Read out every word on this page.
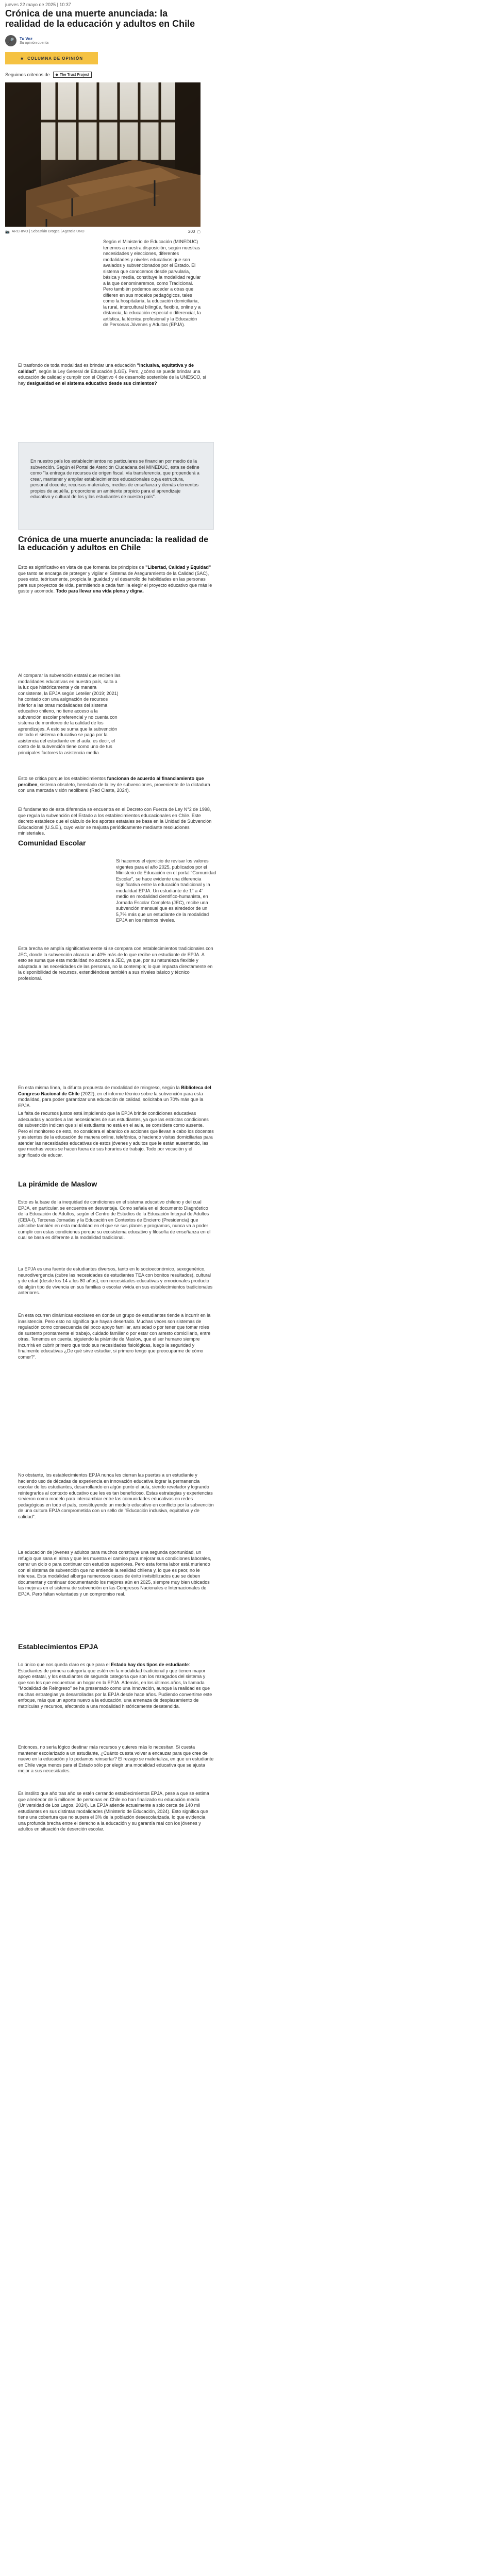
jueves 22 mayo de 2025 | 10:37
Crónica de una muerte anunciada: la realidad de la educación y adultos en Chile
🎤	Tu Voz
Su opinión cuenta
★ COLUMNA DE OPINIÓN
Seguimos criterios de ◆ The Trust Project
📷 ARCHIVO | Sebastián Brogca | Agencia UNO	200 ▢
Según el Ministerio de Educación (MINEDUC) tenemos a nuestra disposición, según nuestras necesidades y elecciones, diferentes modalidades y niveles educativos que son avalados y subvencionados por el Estado. El sistema que conocemos desde parvularia, básica y media, constituye la modalidad regular a la que denominaremos, como Tradicional. Pero también podemos acceder a otras que difieren en sus modelos pedagógicos, tales como la hospitalaria, la educación domiciliaria, la rural, intercultural bilingüe, flexible, online y a distancia, la educación especial o diferencial, la artística, la técnica profesional y la Educación de Personas Jóvenes y Adultas (EPJA).
El trasfondo de toda modalidad es brindar una educación "inclusiva, equitativa y de calidad", según la Ley General de Educación (LGE). Pero, ¿cómo se puede brindar una educación de calidad y cumplir con el Objetivo 4 de desarrollo sostenible de la UNESCO, si hay desigualdad en el sistema educativo desde sus cimientos?
En nuestro país los establecimientos no particulares se financian por medio de la subvención. Según el Portal de Atención Ciudadana del MINEDUC, esta se define como "la entrega de recursos de origen fiscal, vía transferencia, que propenderá a crear, mantener y ampliar establecimientos educacionales cuya estructura, personal docente, recursos materiales, medios de enseñanza y demás elementos propios de aquélla, proporcione un ambiente propicio para el aprendizaje educativo y cultural de los y las estudiantes de nuestro país".
Crónica de una muerte anunciada: la realidad de la educación y adultos en Chile
Esto es significativo en vista de que fomenta los principios de "Libertad, Calidad y Equidad" que tanto se encarga de proteger y vigilar el Sistema de Aseguramiento de la Calidad (SAC), pues esto, teóricamente, propicia la igualdad y el desarrollo de habilidades en las personas para sus proyectos de vida, permitiendo a cada familia elegir el proyecto educativo que más le guste y acomode. Todo para llevar una vida plena y digna.
Al comparar la subvención estatal que reciben las modalidades educativas en nuestro país, salta a la luz que históricamente y de manera consistente, la EPJA según Letelier (2019; 2021) ha contado con una asignación de recursos inferior a las otras modalidades del sistema educativo chileno, no tiene acceso a la subvención escolar preferencial y no cuenta con sistema de monitoreo de la calidad de los aprendizajes. A esto se suma que la subvención de todo el sistema educativo se paga por la asistencia del estudiante en el aula, es decir, el costo de la subvención tiene como uno de tus principales factores la asistencia media.
Esto se critica porque los establecimientos funcionan de acuerdo al financiamiento que perciben, sistema obsoleto, heredado de la ley de subvenciones, proveniente de la dictadura con una marcada visión neoliberal (Red Claste, 2024).
El fundamento de esta diferencia se encuentra en el Decreto con Fuerza de Ley N°2 de 1998, que regula la subvención del Estado a los establecimientos educacionales en Chile. Este decreto establece que el cálculo de los aportes estatales se basa en la Unidad de Subvención Educacional (U.S.E.), cuyo valor se reajusta periódicamente mediante resoluciones ministeriales.
Comunidad Escolar
Si hacemos el ejercicio de revisar los valores vigentes para el año 2025, publicados por el Ministerio de Educación en el portal "Comunidad Escolar", se hace evidente una diferencia significativa entre la educación tradicional y la modalidad EPJA. Un estudiante de 1° a 4° medio en modalidad científico-humanista, en Jornada Escolar Completa (JEC), recibe una subvención mensual que es alrededor de un 5,7% más que un estudiante de la modalidad EPJA en los mismos niveles.
Esta brecha se amplía significativamente si se compara con establecimientos tradicionales con JEC, donde la subvención alcanza un 40% más de lo que recibe un estudiante de EPJA. A esto se suma que esta modalidad no accede a JEC, ya que, por su naturaleza flexible y adaptada a las necesidades de las personas, no la contempla; lo que impacta directamente en la disponibilidad de recursos, extendiéndose también a sus niveles básico y técnico profesional.
En esta misma línea, la difunta propuesta de modalidad de reingreso, según la Biblioteca del Congreso Nacional de Chile (2022), en el informe técnico sobre la subvención para esta modalidad, para poder garantizar una educación de calidad, solicitaba un 70% más que la EPJA.
La falta de recursos justos está impidiendo que la EPJA brinde condiciones educativas adecuadas y acordes a las necesidades de sus estudiantes, ya que las estrictas condiciones de subvención indican que si el estudiante no está en el aula, se considera como ausente. Pero el monitoreo de esto, no considera el abanico de acciones que llevan a cabo los docentes y asistentes de la educación de manera online, telefónica, o haciendo visitas domiciliarias para atender las necesidades educativas de estos jóvenes y adultos que le están ausentando, las que muchas veces se hacen fuera de sus horarios de trabajo. Todo por vocación y el significado de educar.
La pirámide de Maslow
Esto es la base de la inequidad de condiciones en el sistema educativo chileno y del cual EPJA, en particular, se encuentra en desventaja. Como señala en el documento Diagnóstico de la Educación de Adultos, según el Centro de Estudios de la Educación Integral de Adultos (CEIA-I), Terceras Jornadas y la Educación en Contextos de Encierro (Presidencia) que adscribe también en esta modalidad en el que se sus planes y programas, nunca va a poder cumplir con estas condiciones porque su ecosistema educativo y filosofía de enseñanza en el cual se basa es diferente a la modalidad tradicional.
La EPJA es una fuente de estudiantes diversos, tanto en lo socioeconómico, sexogenérico, neurodivergencia (cubre las necesidades de estudiantes TEA con bonitos resultados), cultural y de edad (desde los 14 a los 80 años), con necesidades educativas y emocionales producto de algún tipo de vivencia en sus familias o escolar vivida en sus establecimientos tradicionales anteriores.
En esta ocurren dinámicas escolares en donde un grupo de estudiantes tiende a incurrir en la inasistencia. Pero esto no significa que hayan desertado. Muchas veces son sistemas de regulación como consecuencia del poco apoyo familiar, ansiedad o por tener que tomar roles de sustento prontamente el trabajo, cuidado familiar o por estar con arresto domiciliario, entre otras. Tenemos en cuenta, siguiendo la pirámide de Maslow, que el ser humano siempre incurrirá en cubrir primero que todo sus necesidades fisiológicas, luego la seguridad y finalmente educativas ¿De qué sirve estudiar, si primero tengo que preocuparme de cómo comer?".
No obstante, los establecimientos EPJA nunca les cierran las puertas a un estudiante y haciendo uso de décadas de experiencia en innovación educativa lograr la permanencia escolar de los estudiantes, desarrollando en algún punto el aula, siendo revelador y logrando reintegrarlos al contexto educativo que les es tan beneficioso. Estas estrategias y experiencias sirvieron como modelo para intercambiar entre las comunidades educativas en redes pedagógicas en todo el país, constituyendo un modelo educativo en conflicto por la subvención de una cultura EPJA comprometida con un sello de "Educación inclusiva, equitativa y de calidad".
La educación de jóvenes y adultos para muchos constituye una segunda oportunidad, un refugio que sana el alma y que les muestra el camino para mejorar sus condiciones laborales, cerrar un ciclo o para continuar con estudios superiores. Pero esta forma labor está muriendo con el sistema de subvención que no entiende la realidad chilena y, lo que es peor, no le interesa. Esta modalidad alberga numerosos casos de éxito invisibilizados que se deben documentar y continuar documentando los mejores aún en 2025, siempre muy bien ubicados las mejoras en el sistema de subvención en las Congresos Nacionales e Internacionales de EPJA. Pero faltan voluntades y un compromiso real.
Establecimientos EPJA
Lo único que nos queda claro es que para el Estado hay dos tipos de estudiante: Estudiantes de primera categoría que estén en la modalidad tradicional y que tienen mayor apoyo estatal, y los estudiantes de segunda categoría que son los rezagados del sistema y que son los que encuentran un hogar en la EPJA. Además, en los últimos años, la llamada "Modalidad de Reingreso" se ha presentado como una innovación, aunque la realidad es que muchas estrategias ya desarrolladas por la EPJA desde hace años. Pudiendo convertirse este enfoque, más que un aporte nuevo a la educación, una amenaza de desplazamiento de matrículas y recursos, afectando a una modalidad históricamente desatendida.
Entonces, no sería lógico destinar más recursos y quieres más lo necesitan. Si cuesta mantener escolarizado a un estudiante, ¿Cuánto cuesta volver a encauzar para que cree de nuevo en la educación y lo podamos reinsertar? El rezago se materializa, en que un estudiante en Chile vaga menos para el Estado sólo por elegir una modalidad educativa que se ajusta mejor a sus necesidades.
Es insólito que año tras año se estén cerrando establecimientos EPJA, pese a que se estima que alrededor de 5 millones de personas en Chile no han finalizado su educación media (Universidad de Los Lagos, 2024). La EPJA atiende actualmente a solo cerca de 140 mil estudiantes en sus distintas modalidades (Ministerio de Educación, 2024). Esto significa que tiene una cobertura que no supera el 3% de la población desescolarizada, lo que evidencia una profunda brecha entre el derecho a la educación y su garantía real con los jóvenes y adultos en situación de deserción escolar.
